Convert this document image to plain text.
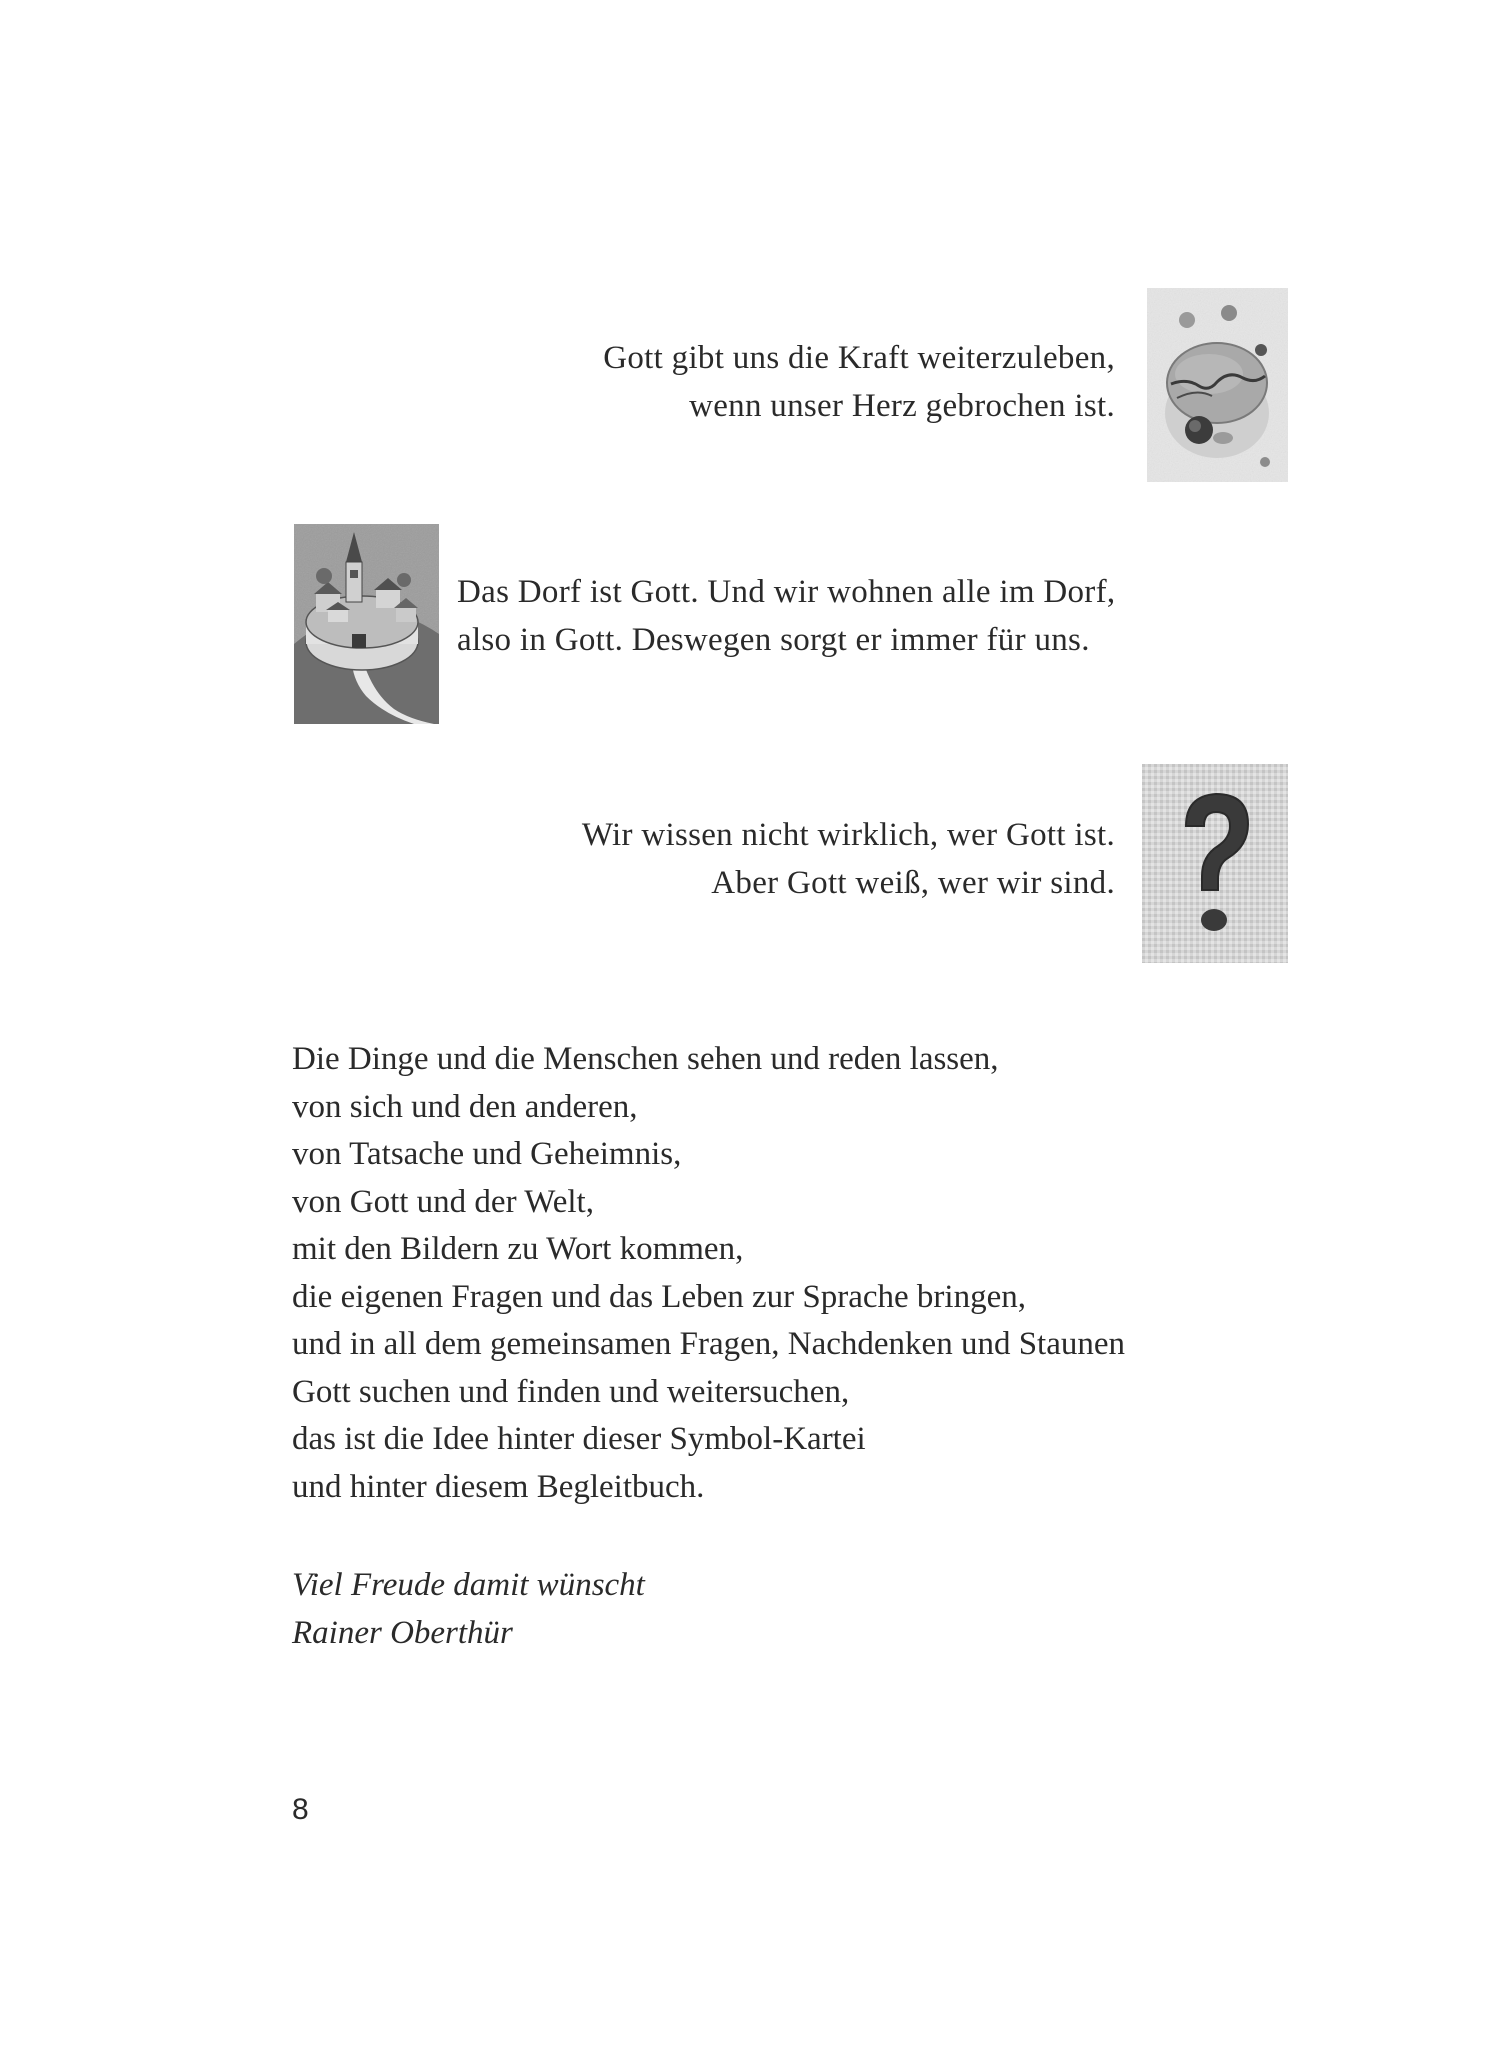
Gott gibt uns die Kraft weiterzuleben,
wenn unser Herz gebrochen ist.
Das Dorf ist Gott. Und wir wohnen alle im Dorf,
also in Gott. Deswegen sorgt er immer für uns.
Wir wissen nicht wirklich, wer Gott ist.
Aber Gott weiß, wer wir sind.
Die Dinge und die Menschen sehen und reden lassen,
von sich und den anderen,
von Tatsache und Geheimnis,
von Gott und der Welt,
mit den Bildern zu Wort kommen,
die eigenen Fragen und das Leben zur Sprache bringen,
und in all dem gemeinsamen Fragen, Nachdenken und Staunen
Gott suchen und finden und weitersuchen,
das ist die Idee hinter dieser Symbol-Kartei
und hinter diesem Begleitbuch.
Viel Freude damit wünscht
Rainer Oberthür
8
